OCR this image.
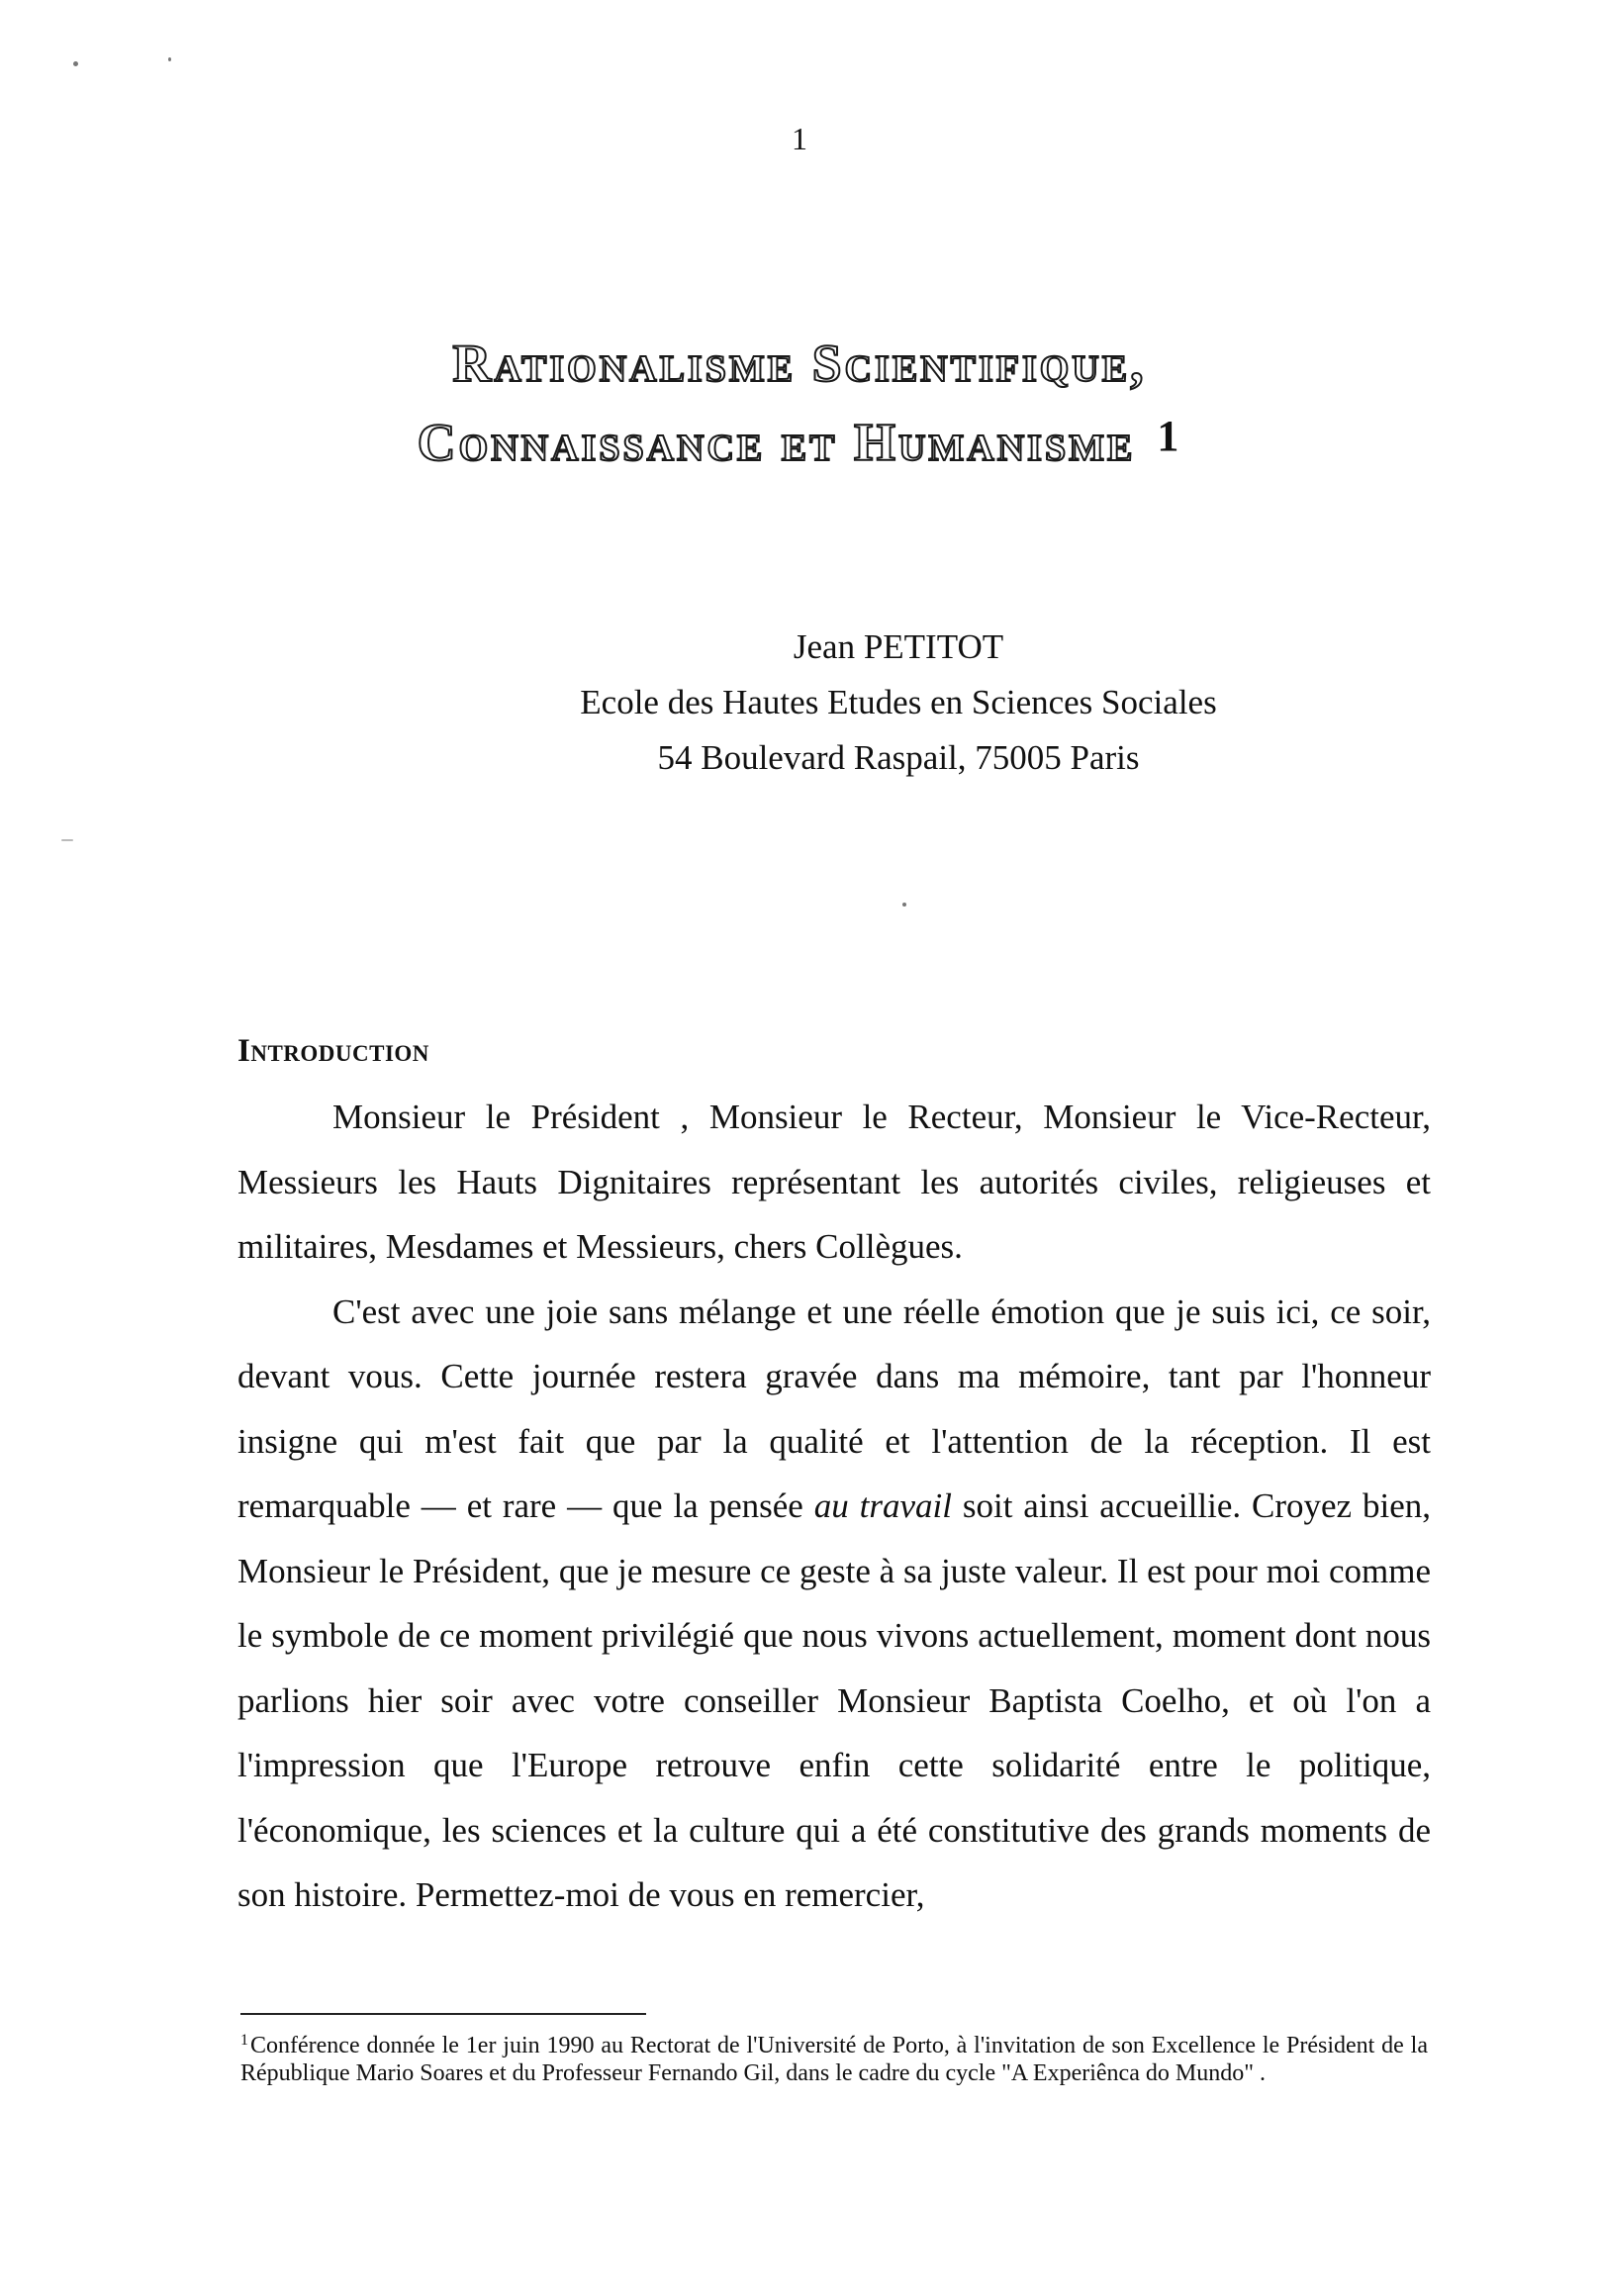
1
Rationalisme Scientifique,
Connaissance et Humanisme 1
Jean PETITOT
Ecole des Hautes Etudes en Sciences Sociales
54 Boulevard Raspail, 75005 Paris
Introduction

Monsieur le Président , Monsieur le Recteur, Monsieur le Vice-Recteur, Messieurs les Hauts Dignitaires représentant les autorités civiles, religieuses et militaires, Mesdames et Messieurs, chers Collègues.

C'est avec une joie sans mélange et une réelle émotion que je suis ici, ce soir, devant vous. Cette journée restera gravée dans ma mémoire, tant par l'honneur insigne qui m'est fait que par la qualité et l'attention de la réception. Il est remarquable — et rare — que la pensée au travail soit ainsi accueillie. Croyez bien, Monsieur le Président, que je mesure ce geste à sa juste valeur. Il est pour moi comme le symbole de ce moment privilégié que nous vivons actuellement, moment dont nous parlions hier soir avec votre conseiller Monsieur Baptista Coelho, et où l'on a l'impression que l'Europe retrouve enfin cette solidarité entre le politique, l'économique, les sciences et la culture qui a été constitutive des grands moments de son histoire. Permettez-moi de vous en remercier,

$^1$Conférence donnée le 1er juin 1990 au Rectorat de l'Université de Porto, à l'invitation de son Excellence le Président de la République Mario Soares et du Professeur Fernando Gil, dans le cadre du cycle "A Experiênca do Mundo" .
